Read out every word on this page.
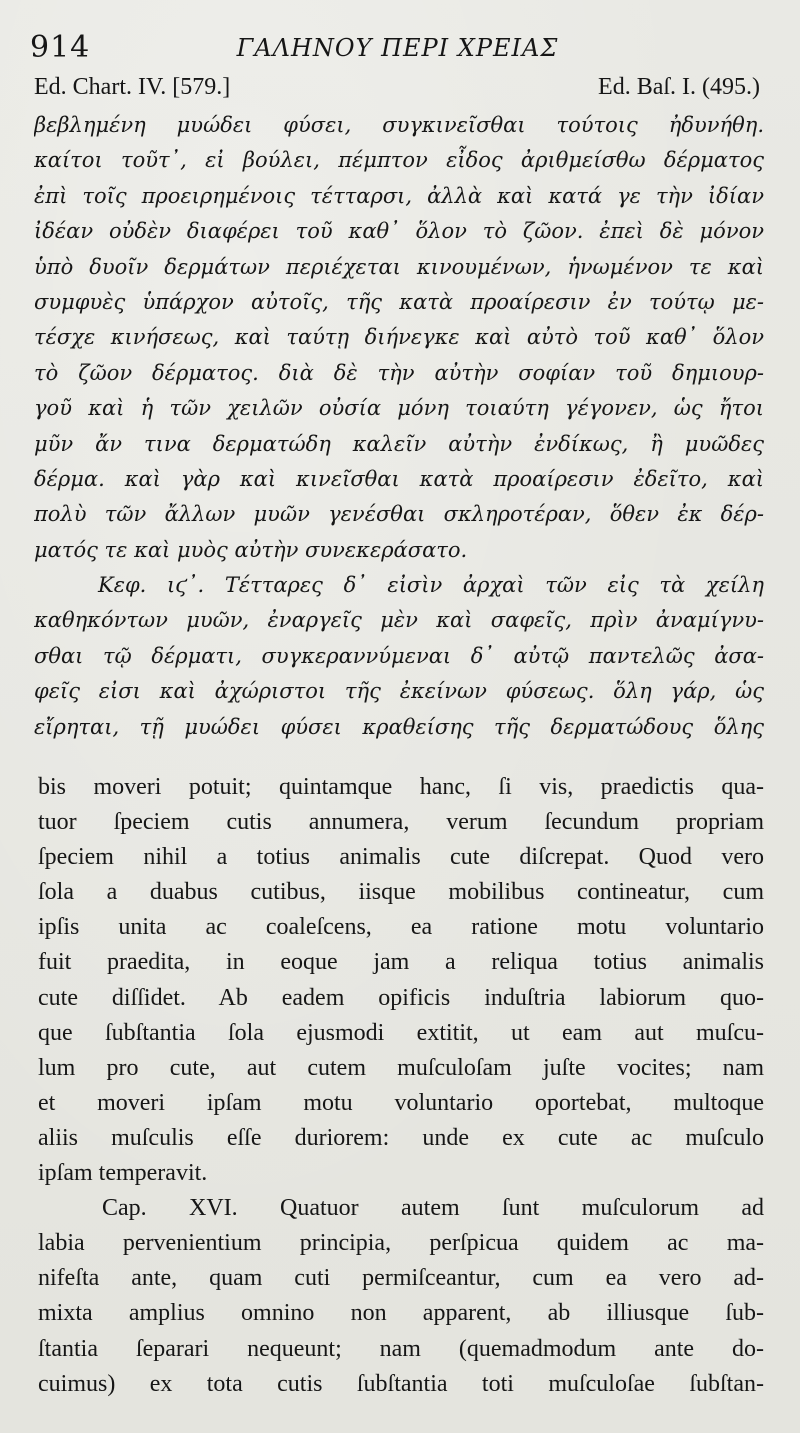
914	ΓΑΛΗΝΟΥ ΠΕΡΙ ΧΡΕΙΑΣ
Ed. Chart. IV. [579.]	Ed. Baſ. I. (495.)
βεβλημένη μυώδει φύσει, συγκινεῖσθαι τούτοις ἠδυνήθη.
καίτοι τοῦτ᾽, εἰ βούλει, πέμπτον εἶδος ἀριθμείσθω δέρματος
ἐπὶ τοῖς προειρημένοις τέτταρσι, ἀλλὰ καὶ κατά γε τὴν ἰδίαν
ἰδέαν οὐδὲν διαφέρει τοῦ καθ᾽ ὅλον τὸ ζῶον. ἐπεὶ δὲ μόνον
ὑπὸ δυοῖν δερμάτων περιέχεται κινουμένων, ἡνωμένον τε καὶ
συμφυὲς ὑπάρχον αὐτοῖς, τῆς κατὰ προαίρεσιν ἐν τούτῳ με-
τέσχε κινήσεως, καὶ ταύτῃ διήνεγκε καὶ αὐτὸ τοῦ καθ᾽ ὅλον
τὸ ζῶον δέρματος. διὰ δὲ τὴν αὐτὴν σοφίαν τοῦ δημιουρ-
γοῦ καὶ ἡ τῶν χειλῶν οὐσία μόνη τοιαύτη γέγονεν, ὡς ἤτοι
μῦν ἄν τινα δερματώδη καλεῖν αὐτὴν ἐνδίκως, ἢ μυῶδες
δέρμα. καὶ γὰρ καὶ κινεῖσθαι κατὰ προαίρεσιν ἐδεῖτο, καὶ
πολὺ τῶν ἄλλων μυῶν γενέσθαι σκληροτέραν, ὅθεν ἐκ δέρ-
ματός τε καὶ μυὸς αὐτὴν συνεκεράσατο.
Κεφ. ιϛ᾽. Τέτταρες δ᾽ εἰσὶν ἀρχαὶ τῶν εἰς τὰ χείλη
καθηκόντων μυῶν, ἐναργεῖς μὲν καὶ σαφεῖς, πρὶν ἀναμίγνυ-
σθαι τῷ δέρματι, συγκεραννύμεναι δ᾽ αὐτῷ παντελῶς ἀσα-
φεῖς εἰσι καὶ ἀχώριστοι τῆς ἐκείνων φύσεως. ὅλη γάρ, ὡς
εἴρηται, τῇ μυώδει φύσει κραθείσης τῆς δερματώδους ὅλης
bis moveri potuit; quintamque hanc, ſi vis, praedictis qua-
tuor ſpeciem cutis annumera, verum ſecundum propriam
ſpeciem nihil a totius animalis cute diſcrepat. Quod vero
ſola a duabus cutibus, iisque mobilibus contineatur, cum
ipſis unita ac coaleſcens, ea ratione motu voluntario
fuit praedita, in eoque jam a reliqua totius animalis
cute diſſidet. Ab eadem opificis induſtria labiorum quo-
que ſubſtantia ſola ejusmodi extitit, ut eam aut muſcu-
lum pro cute, aut cutem muſculoſam juſte vocites; nam
et moveri ipſam motu voluntario oportebat, multoque
aliis muſculis eſſe duriorem: unde ex cute ac muſculo
ipſam temperavit.
Cap. XVI. Quatuor autem ſunt muſculorum ad
labia pervenientium principia, perſpicua quidem ac ma-
nifeſta ante, quam cuti permiſceantur, cum ea vero ad-
mixta amplius omnino non apparent, ab illiusque ſub-
ſtantia ſeparari nequeunt; nam (quemadmodum ante do-
cuimus) ex tota cutis ſubſtantia toti muſculoſae ſubſtan-
